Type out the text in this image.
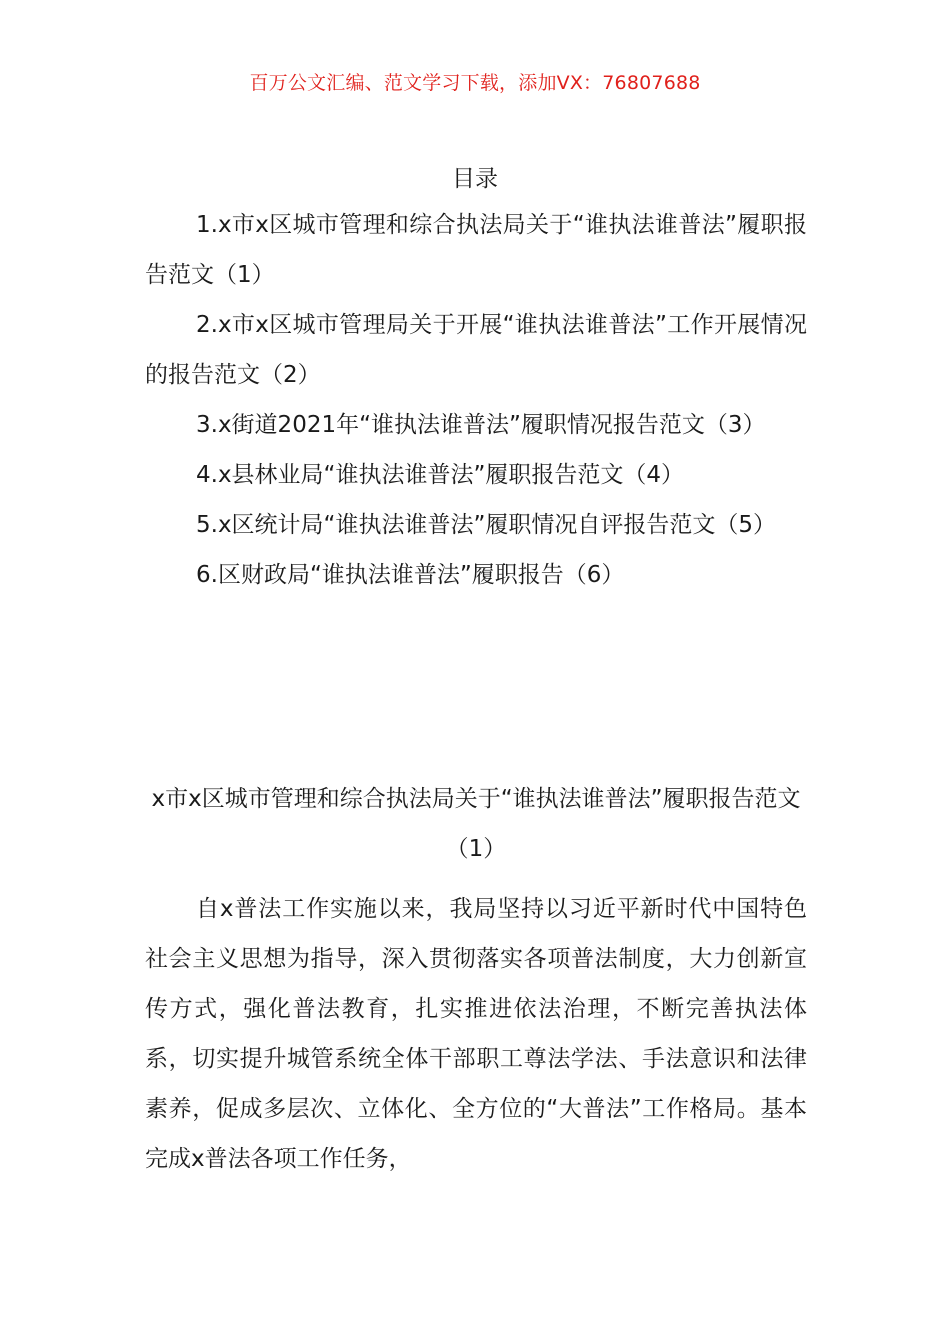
百万公文汇编、范文学习下载，添加VX：76807688
目录
1.x市x区城市管理和综合执法局关于“谁执法谁普法”履职报告范文（1）
2.x市x区城市管理局关于开展“谁执法谁普法”工作开展情况的报告范文（2）
3.x街道2021年“谁执法谁普法”履职情况报告范文（3）
4.x县林业局“谁执法谁普法”履职报告范文（4）
5.x区统计局“谁执法谁普法”履职情况自评报告范文（5）
6.区财政局“谁执法谁普法”履职报告（6）
x市x区城市管理和综合执法局关于“谁执法谁普法”履职报告范文（1）
自x普法工作实施以来，我局坚持以习近平新时代中国特色社会主义思想为指导，深入贯彻落实各项普法制度，大力创新宣传方式，强化普法教育，扎实推进依法治理，不断完善执法体系，切实提升城管系统全体干部职工尊法学法、手法意识和法律素养，促成多层次、立体化、全方位的“大普法”工作格局。基本完成x普法各项工作任务，
